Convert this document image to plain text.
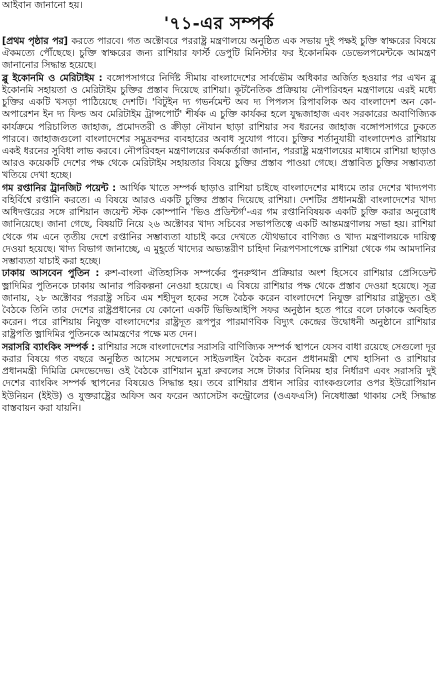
আইবান জানানো হয়।
'৭১-এর সম্পর্ক

[প্রথম পৃষ্ঠার পর] করতে পারবে। গত অক্টোবরে পররাষ্ট্র মন্ত্রণালয়ে অনুষ্ঠিত এক সভায় দুই পক্ষই চুক্তি স্বাক্ষরের বিষয়ে ঐকমত্যে পৌঁছেছে। চুক্তি স্বাক্ষরের জন্য রাশিয়ার ফার্স্ট ডেপুটি মিনিস্টার ফর ইকোনমিক ডেভেলপমেন্টকে আমন্ত্রণ জানানোর সিদ্ধান্ত হয়েছে।

ব্লু ইকোনমি ও মেরিটাইম : বঙ্গোপসাগরে নির্দিষ্ট সীমায় বাংলাদেশের সার্বভৌম অধিকার অর্জিত হওয়ার পর এখন ব্লু ইকোনমি সহায়তা ও মেরিটাইম চুক্তির প্রস্তাব দিয়েছে রাশিয়া। কূটনৈতিক প্রক্রিয়ায় নৌপরিবহন মন্ত্রণালয়ে এরই মধ্যে চুক্তির একটি খসড়া পাঠিয়েছে দেশটি। 'বিটুইন দ্য গভর্নমেন্ট অব দ্য পিপলস রিপাবলিক অব বাংলাদেশ অন কো-অপারেশন ইন দ্য ফিল্ড অব মেরিটাইম ট্রান্সপোর্ট' শীর্ষক এ চুক্তি কার্যকর হলে যুদ্ধজাহাজ এবং সরকারের অবাণিজ্যিক কার্যক্রমে পরিচালিত জাহাজ, প্রমোদতরী ও ক্রীড়া নৌযান ছাড়া রাশিয়ার সব ধরনের জাহাজ বঙ্গোপসাগরে ঢুকতে পারবে। জাহাজগুলো বাংলাদেশের সমুদ্রবন্দর ব্যবহারের অবাধ সুযোগ পাবে। চুক্তির শর্তানুযায়ী বাংলাদেশও রাশিয়ায় একই ধরনের সুবিধা লাভ করবে। নৌপরিবহন মন্ত্রণালয়ের কর্মকর্তারা জানান, পররাষ্ট্র মন্ত্রণালয়ের মাধ্যমে রাশিয়া ছাড়াও আরও কয়েকটি দেশের পক্ষ থেকে মেরিটাইম সহায়তার বিষয়ে চুক্তির প্রস্তাব পাওয়া গেছে। প্রস্তাবিত চুক্তির সম্ভাব্যতা খতিয়ে দেখা হচ্ছে।

গম রপ্তানির ট্রানজিট পয়েন্ট : আর্থিক খাতে সম্পর্ক ছাড়াও রাশিয়া চাইছে বাংলাদেশের মাধ্যমে তার দেশের খাদ্যপণ্য বহির্বিশ্বে রপ্তানি করতে। এ বিষয়ে আরও একটি চুক্তির প্রস্তাব দিয়েছে রাশিয়া। দেশটির প্রধানমন্ত্রী বাংলাদেশের খাদ্য অধিদপ্তরের সঙ্গে রাশিয়ান জয়েন্ট স্টক কোম্পানি 'ভিও প্রডিন্টর্গ'-এর গম রপ্তানিবিষয়ক একটি চুক্তি করার অনুরোধ জানিয়েছে। জানা গেছে, বিষয়টি নিয়ে ২৬ অক্টোবর খাদ্য সচিবের সভাপতিত্বে একটি আন্তমন্ত্রণালয় সভা হয়। রাশিয়া থেকে গম এনে তৃতীয় দেশে রপ্তানির সম্ভাব্যতা যাচাই করে দেখতে যৌথভাবে বাণিজ্য ও খাদ্য মন্ত্রণালয়কে দায়িত্ব দেওয়া হয়েছে। খাদ্য বিভাগ জানাচ্ছে, এ মুহূর্তে খাদ্যের অভ্যন্তরীণ চাহিদা নিরূপণসাপেক্ষে রাশিয়া থেকে গম আমদানির সম্ভাব্যতা যাচাই করা হচ্ছে।

ঢাকায় আসবেন পুতিন : রুশ-বাংলা ঐতিহাসিক সম্পর্কের পুনরুত্থান প্রক্রিয়ার অংশ হিসেবে রাশিয়ার প্রেসিডেন্ট ভ্লাদিমির পুতিনকে ঢাকায় আনার পরিকল্পনা নেওয়া হয়েছে। এ বিষয়ে রাশিয়ার পক্ষ থেকে প্রস্তাব দেওয়া হয়েছে। সূত্র জানায়, ২৮ অক্টোবর পররাষ্ট্র সচিব এম শহীদুল হকের সঙ্গে বৈঠক করেন বাংলাদেশে নিযুক্ত রাশিয়ার রাষ্ট্রদূত। ওই বৈঠকে তিনি তার দেশের রাষ্ট্রপ্রধানের যে কোনো একটি ভিভিআইপি সফর অনুষ্ঠান হতে পারে বলে ঢাকাকে অবহিত করেন। পরে রাশিয়ায় নিযুক্ত বাংলাদেশের রাষ্ট্রদূত রূপপুর পারমাণবিক বিদ্যুৎ কেন্দ্রের উদ্বোধনী অনুষ্ঠানে রাশিয়ার রাষ্ট্রপতি ভ্লাদিমির পুতিনকে আমন্ত্রণের পক্ষে মত দেন।

সরাসরি ব্যাংকিং সম্পর্ক : রাশিয়ার সঙ্গে বাংলাদেশের সরাসরি বাণিজ্যিক সম্পর্ক স্থাপনে যেসব বাধা রয়েছে সেগুলো দূর করার বিষয়ে গত বছরে অনুষ্ঠিত আসেম সম্মেলনে সাইডলাইন বৈঠক করেন প্রধানমন্ত্রী শেখ হাসিনা ও রাশিয়ার প্রধানমন্ত্রী দিমিত্রি মেদভেদেভ। ওই বৈঠকে রাশিয়ান মুদ্রা রুবলের সঙ্গে টাকার বিনিময় হার নির্ধারণ এবং সরাসরি দুই দেশের ব্যাংকিং সম্পর্ক স্থাপনের বিষয়েও সিদ্ধান্ত হয়। তবে রাশিয়ার প্রধান সারির ব্যাংকগুলোর ওপর ইউরোপিয়ান ইউনিয়ন (ইইউ) ও যুক্তরাষ্ট্রের অফিস অব ফরেন অ্যাসেটস কন্ট্রোলের (ওএফএসি) নিষেধাজ্ঞা থাকায় সেই সিদ্ধান্ত বাস্তবায়ন করা যায়নি।
